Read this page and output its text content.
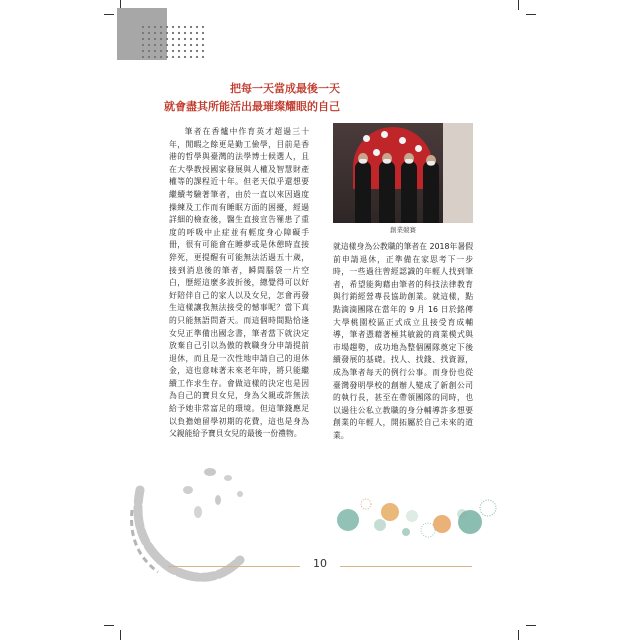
把每一天當成最後一天
就會盡其所能活出最璀璨耀眼的自己
筆者在香爐中作育英才超過三十年，閒暇之餘更是勤工儉學，目前是香港的哲學與臺灣的法學博士候選人，且在大學教授國家發展與人權及智慧財產權等的課程近十年。但老天似乎還想要繼續考驗著筆者，由於一直以來因過度操練及工作而有睡眠方面的困擾，經過詳細的檢查後，醫生直接宣告罹患了重度的呼吸中止症並有輕度身心障礙手冊，很有可能會在睡夢或是休憩時直接猝死，更提醒有可能無法活過五十歲，接到消息後的筆者，瞬間腦袋一片空白，歷經這麼多波折後，總覺得可以好好陪伴自己的家人以及女兒，怎會再發生這樣讓我無法接受的憾事呢？當下真的只能無語問蒼天。而這個時間點恰逢女兒正準備出國念書，筆者當下就決定放棄自己引以為傲的教職身分申請提前退休，而且是一次性地申請自己的退休金，這也意味著未來老年時，將只能繼續工作求生存。會做這樣的決定也是因為自己的寶貝女兒，身為父親或許無法給予她非常富足的環境。但這筆錢應足以負擔她留學初期的花費，這也是身為父親能給予寶貝女兒的最後一份禮物。
創業競賽
就這樣身為公教職的筆者在 2018年暑假前申請退休，正準備在家思考下一步時，一些過往曾經認識的年輕人找到筆者，希望能夠藉由筆者的科技法律教育與行銷經營專長協助創業。就這樣，點點滴滴團隊在當年的 9 月 16 日於銘傳大學桃園校區正式成立且接受育成輔導，筆者憑藉著極其敏銳的商業模式與市場趨勢，成功地為整個團隊奠定下後續發展的基礎。找人、找錢、找資源，成為筆者每天的例行公事。而身份也從臺灣發明學校的創辦人變成了新創公司的執行長，甚至在帶領團隊的同時，也以過往公私立教職的身分輔導許多想要創業的年輕人，開拓屬於自己未來的道業。
10
